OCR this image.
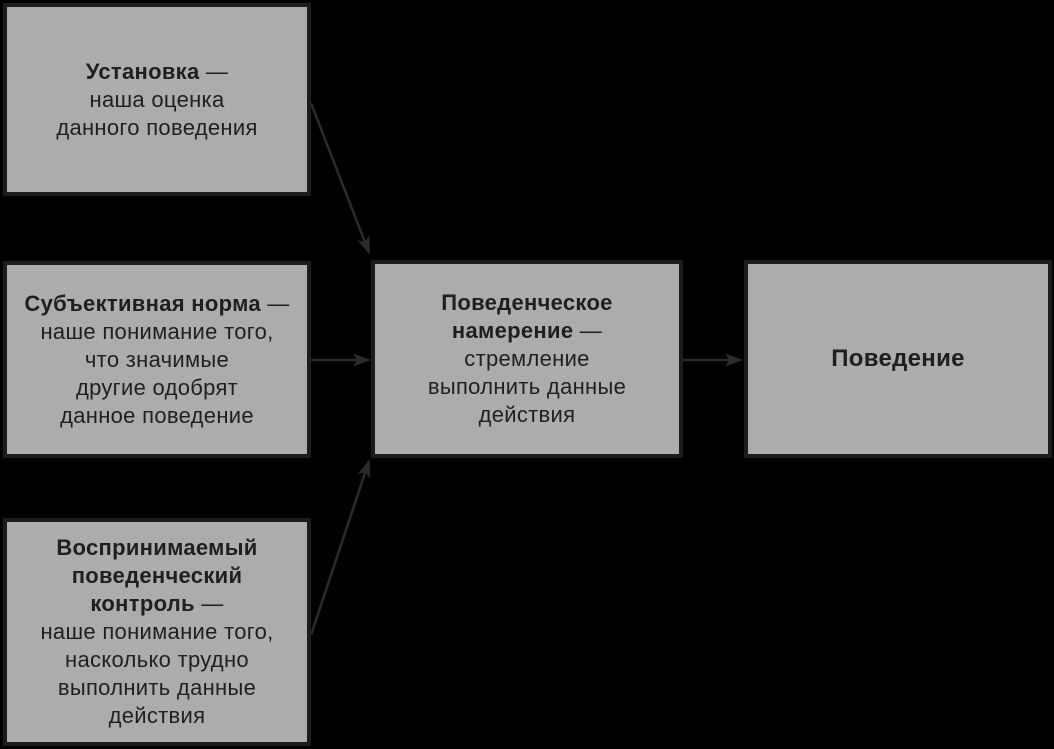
Установка —
наша оценка
данного поведения
Субъективная норма —
наше понимание того,
что значимые
другие одобрят
данное поведение
Воспринимаемый
поведенческий
контроль —
наше понимание того,
насколько трудно
выполнить данные
действия
Поведенческое
намерение —
стремление
выполнить данные
действия
Поведение
